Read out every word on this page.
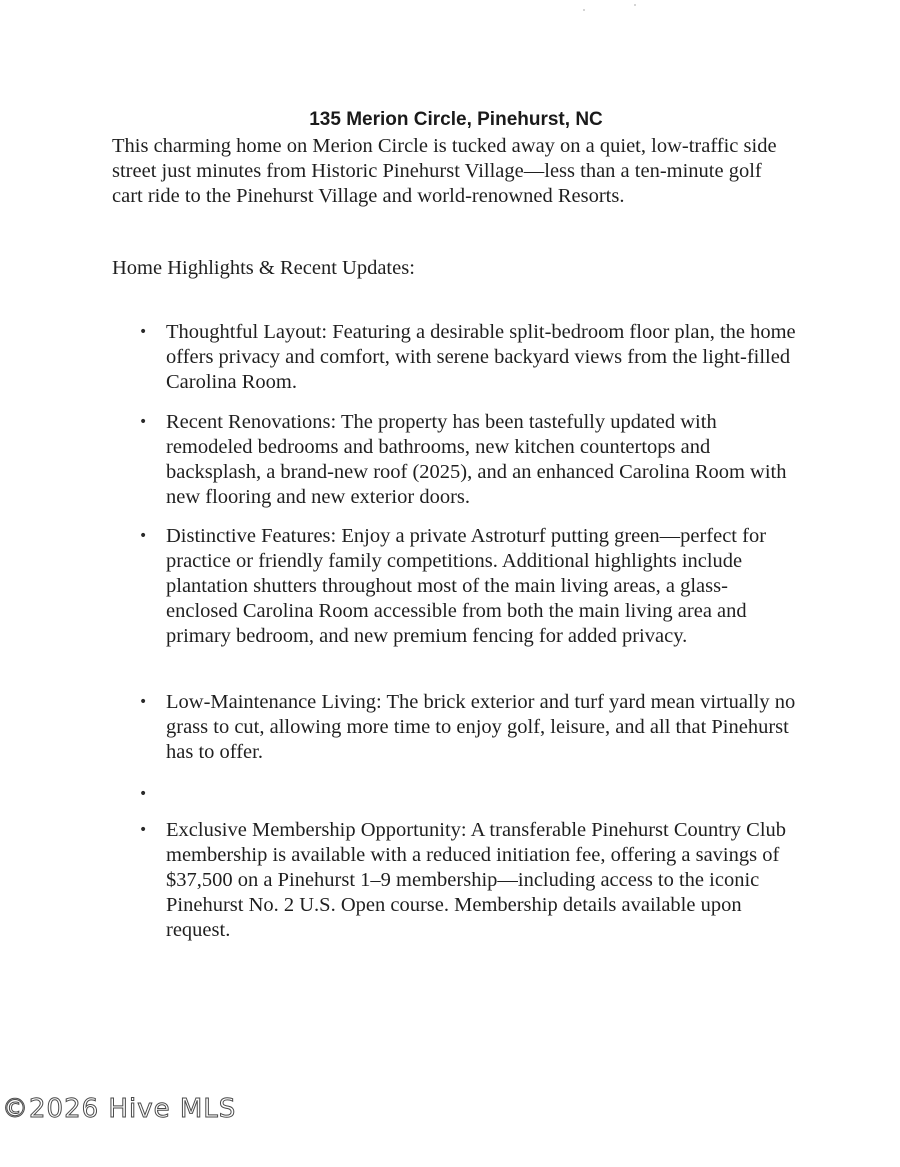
135 Merion Circle, Pinehurst, NC

This charming home on Merion Circle is tucked away on a quiet, low-traffic side street just minutes from Historic Pinehurst Village—less than a ten-minute golf cart ride to the Pinehurst Village and world-renowned Resorts.

Home Highlights & Recent Updates:

• Thoughtful Layout: Featuring a desirable split-bedroom floor plan, the home offers privacy and comfort, with serene backyard views from the light-filled Carolina Room.

• Recent Renovations: The property has been tastefully updated with remodeled bedrooms and bathrooms, new kitchen countertops and backsplash, a brand-new roof (2025), and an enhanced Carolina Room with new flooring and new exterior doors.

• Distinctive Features: Enjoy a private Astroturf putting green—perfect for practice or friendly family competitions. Additional highlights include plantation shutters throughout most of the main living areas, a glass-enclosed Carolina Room accessible from both the main living area and primary bedroom, and new premium fencing for added privacy.

• Low-Maintenance Living: The brick exterior and turf yard mean virtually no grass to cut, allowing more time to enjoy golf, leisure, and all that Pinehurst has to offer.

•

• Exclusive Membership Opportunity: A transferable Pinehurst Country Club membership is available with a reduced initiation fee, offering a savings of $37,500 on a Pinehurst 1–9 membership—including access to the iconic Pinehurst No. 2 U.S. Open course. Membership details available upon request.

©2026 Hive MLS
